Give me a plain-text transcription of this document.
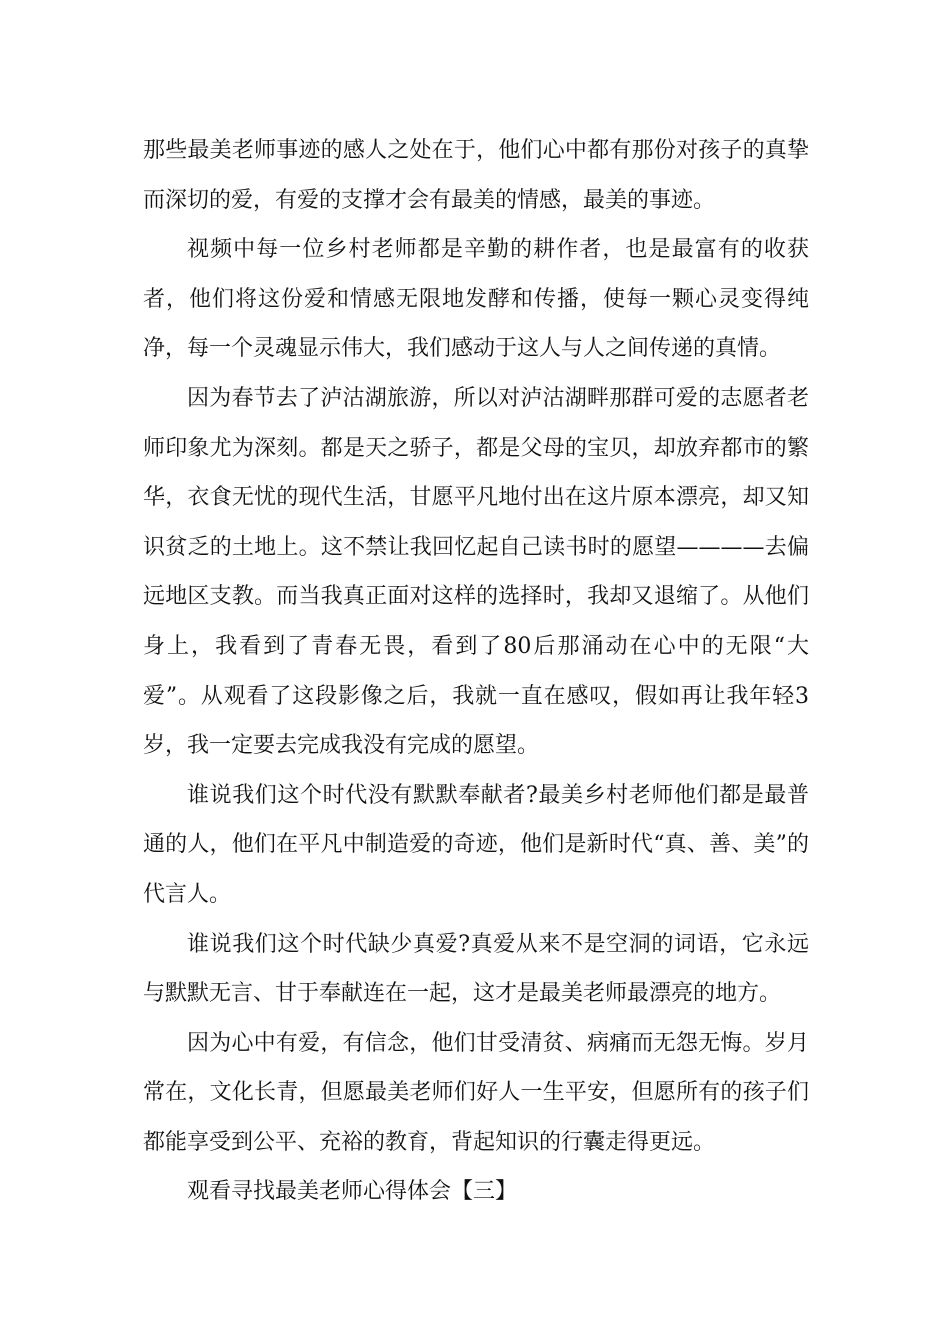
那些最美老师事迹的感人之处在于，他们心中都有那份对孩子的真挚而深切的爱，有爱的支撑才会有最美的情感，最美的事迹。

视频中每一位乡村老师都是辛勤的耕作者，也是最富有的收获者，他们将这份爱和情感无限地发酵和传播，使每一颗心灵变得纯净，每一个灵魂显示伟大，我们感动于这人与人之间传递的真情。

因为春节去了泸沽湖旅游，所以对泸沽湖畔那群可爱的志愿者老师印象尤为深刻。都是天之骄子，都是父母的宝贝，却放弃都市的繁华，衣食无忧的现代生活，甘愿平凡地付出在这片原本漂亮，却又知识贫乏的土地上。这不禁让我回忆起自己读书时的愿望————去偏远地区支教。而当我真正面对这样的选择时，我却又退缩了。从他们身上，我看到了青春无畏，看到了80后那涌动在心中的无限“大爱”。从观看了这段影像之后，我就一直在感叹，假如再让我年轻3岁，我一定要去完成我没有完成的愿望。

谁说我们这个时代没有默默奉献者?最美乡村老师他们都是最普通的人，他们在平凡中制造爱的奇迹，他们是新时代“真、善、美”的代言人。

谁说我们这个时代缺少真爱?真爱从来不是空洞的词语，它永远与默默无言、甘于奉献连在一起，这才是最美老师最漂亮的地方。

因为心中有爱，有信念，他们甘受清贫、病痛而无怨无悔。岁月常在，文化长青，但愿最美老师们好人一生平安，但愿所有的孩子们都能享受到公平、充裕的教育，背起知识的行囊走得更远。

观看寻找最美老师心得体会【三】
